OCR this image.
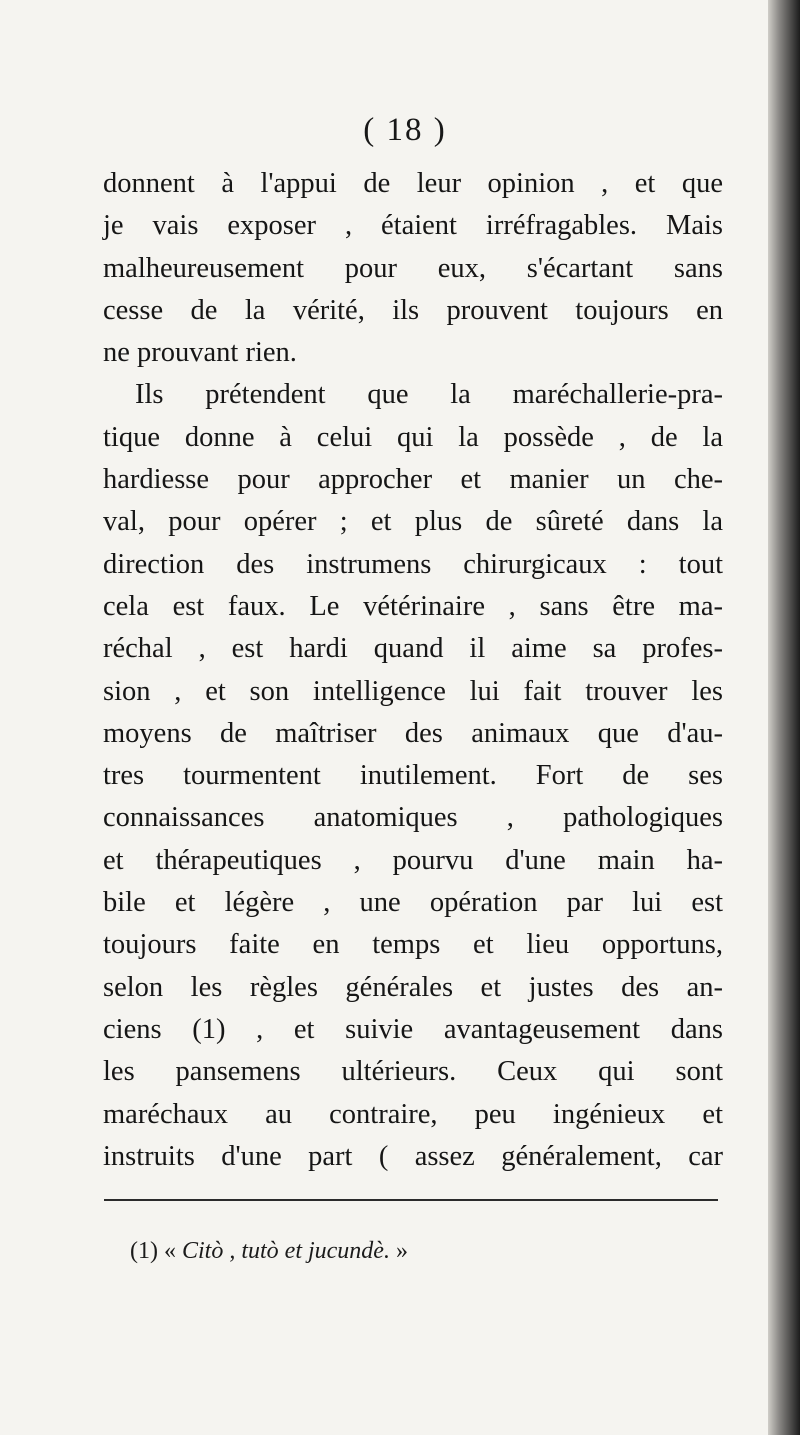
( 18 )
donnent à l'appui de leur opinion , et que
je vais exposer , étaient irréfragables. Mais
malheureusement pour eux, s'écartant sans
cesse de la vérité, ils prouvent toujours en
ne prouvant rien.
Ils prétendent que la maréchallerie-pra-
tique donne à celui qui la possède , de la
hardiesse pour approcher et manier un che-
val, pour opérer ; et plus de sûreté dans la
direction des instrumens chirurgicaux : tout
cela est faux. Le vétérinaire , sans être ma-
réchal , est hardi quand il aime sa profes-
sion , et son intelligence lui fait trouver les
moyens de maîtriser des animaux que d'au-
tres tourmentent inutilement. Fort de ses
connaissances anatomiques , pathologiques
et thérapeutiques , pourvu d'une main ha-
bile et légère , une opération par lui est
toujours faite en temps et lieu opportuns,
selon les règles générales et justes des an-
ciens (1) , et suivie avantageusement dans
les pansemens ultérieurs. Ceux qui sont
maréchaux au contraire, peu ingénieux et
instruits d'une part ( assez généralement, car
(1) « Citò , tutò et jucundè. »
